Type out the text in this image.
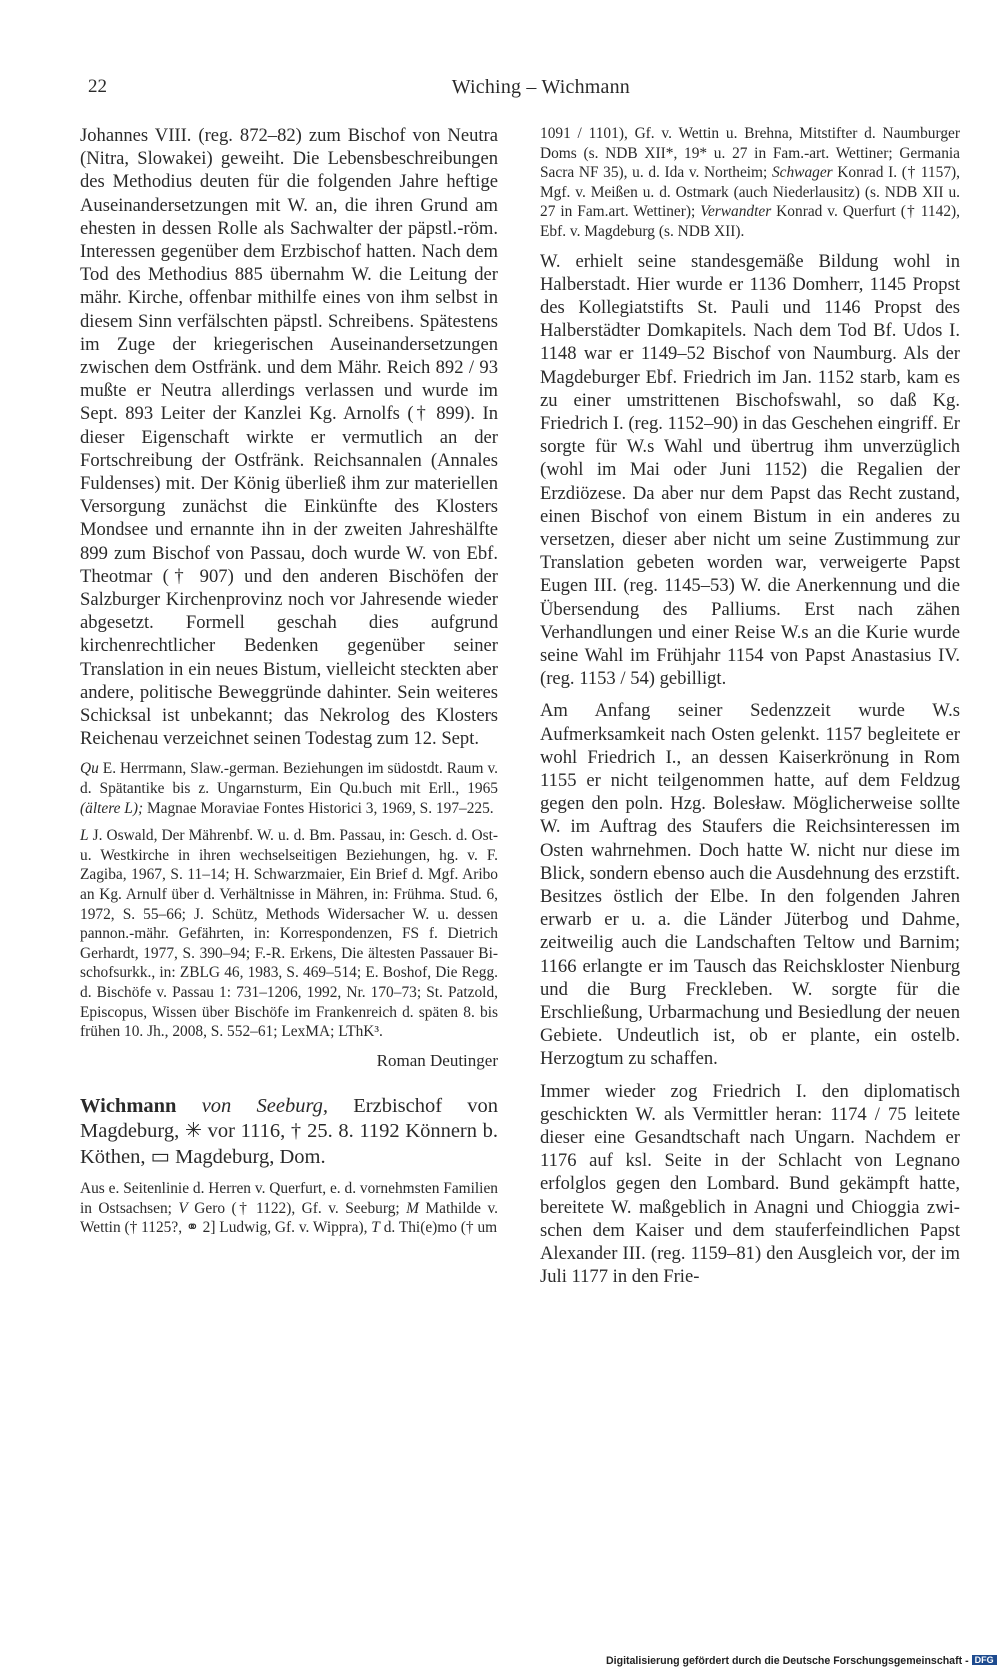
22	Wiching – Wichmann

Johannes VIII. (reg. 872–82) zum Bischof von Neutra (Nitra, Slowakei) geweiht. Die Lebensbeschreibungen des Methodius deuten für die folgenden Jahre heftige Auseinandersetzungen mit W. an, die ihren Grund am ehesten in dessen Rolle als Sachwalter der päpstl.-röm. Interessen gegenüber dem Erzbischof hatten. Nach dem Tod des Methodius 885 übernahm W. die Leitung der mähr. Kirche, offenbar mithilfe eines von ihm selbst in diesem Sinn verfälschten päpstl. Schreibens. Spätestens im Zuge der kriegerischen Auseinandersetzungen zwischen dem Ostfränk. und dem Mähr. Reich 892 / 93 mußte er Neutra allerdings verlassen und wurde im Sept. 893 Leiter der Kanzlei Kg. Arnolfs († 899). In dieser Eigenschaft wirkte er vermutlich an der Fortschreibung der Ostfränk. Reichsannalen (Annales Fuldenses) mit. Der König überließ ihm zur materiellen Versorgung zunächst die Einkünfte des Klosters Mondsee und ernannte ihn in der zweiten Jahreshälfte 899 zum Bischof von Passau, doch wurde W. von Ebf. Theotmar († 907) und den anderen Bischöfen der Salzburger Kirchenprovinz noch vor Jahresende wieder abgesetzt. Formell geschah dies aufgrund kirchenrechtlicher Bedenken gegenüber seiner Translation in ein neues Bistum, vielleicht steckten aber andere, politische Beweggründe dahinter. Sein weiteres Schicksal ist unbekannt; das Nekrolog des Klosters Reichenau verzeichnet seinen Todestag zum 12. Sept.

Qu E. Herrmann, Slaw.-german. Beziehungen im südostdt. Raum v. d. Spätantike bis z. Ungarnsturm, Ein Qu.buch mit Erll., 1965 (ältere L); Magnae Moraviae Fontes Historici 3, 1969, S. 197–225.

L J. Oswald, Der Mährenbf. W. u. d. Bm. Passau, in: Gesch. d. Ost- u. Westkirche in ihren wechselseitigen Beziehungen, hg. v. F. Zagiba, 1967, S. 11–14; H. Schwarzmaier, Ein Brief d. Mgf. Aribo an Kg. Arnulf über d. Verhältnisse in Mähren, in: Frühma. Stud. 6, 1972, S. 55–66; J. Schütz, Methods Widersacher W. u. dessen pannon.-mähr. Gefährten, in: Korrespondenzen, FS f. Dietrich Gerhardt, 1977, S. 390–94; F.-R. Erkens, Die ältesten Passauer Bischofsurkk., in: ZBLG 46, 1983, S. 469–514; E. Boshof, Die Regg. d. Bischöfe v. Passau 1: 731–1206, 1992, Nr. 170–73; St. Patzold, Episcopus, Wissen über Bischöfe im Frankenreich d. späten 8. bis frühen 10. Jh., 2008, S. 552–61; LexMA; LThK³.

Roman Deutinger

Wichmann von Seeburg, Erzbischof von Magdeburg, ✳ vor 1116, † 25. 8. 1192 Könnern b. Köthen, ▭ Magdeburg, Dom.

Aus e. Seitenlinie d. Herren v. Querfurt, e. d. vornehmsten Familien in Ostsachsen; V Gero († 1122), Gf. v. Seeburg; M Mathilde v. Wettin († 1125?, ⚭ 2] Ludwig, Gf. v. Wippra), T d. Thi(e)mo († um

1091 / 1101), Gf. v. Wettin u. Brehna, Mitstifter d. Naumburger Doms (s. NDB XII*, 19* u. 27 in Fam.-art. Wettiner; Germania Sacra NF 35), u. d. Ida v. Northeim; Schwager Konrad I. († 1157), Mgf. v. Meißen u. d. Ostmark (auch Niederlausitz) (s. NDB XII u. 27 in Fam.art. Wettiner); Verwandter Konrad v. Querfurt († 1142), Ebf. v. Magdeburg (s. NDB XII).

W. erhielt seine standesgemäße Bildung wohl in Halberstadt. Hier wurde er 1136 Domherr, 1145 Propst des Kollegiatstifts St. Pauli und 1146 Propst des Halberstädter Domkapitels. Nach dem Tod Bf. Udos I. 1148 war er 1149–52 Bischof von Naumburg. Als der Magdeburger Ebf. Friedrich im Jan. 1152 starb, kam es zu einer umstrittenen Bischofswahl, so daß Kg. Friedrich I. (reg. 1152–90) in das Geschehen eingriff. Er sorgte für W.s Wahl und übertrug ihm unverzüglich (wohl im Mai oder Juni 1152) die Regalien der Erzdiözese. Da aber nur dem Papst das Recht zustand, einen Bischof von einem Bistum in ein anderes zu versetzen, dieser aber nicht um seine Zustimmung zur Translation gebeten worden war, verweigerte Papst Eugen III. (reg. 1145–53) W. die Anerkennung und die Übersendung des Palliums. Erst nach zähen Verhandlungen und einer Reise W.s an die Kurie wurde seine Wahl im Frühjahr 1154 von Papst Anastasius IV. (reg. 1153 / 54) gebilligt.

Am Anfang seiner Sedenzzeit wurde W.s Aufmerksamkeit nach Osten gelenkt. 1157 begleitete er wohl Friedrich I., an dessen Kaiserkrönung in Rom 1155 er nicht teilgenommen hatte, auf dem Feldzug gegen den poln. Hzg. Bolesław. Möglicherweise sollte W. im Auftrag des Staufers die Reichsinteressen im Osten wahrnehmen. Doch hatte W. nicht nur diese im Blick, sondern ebenso auch die Ausdehnung des erzstift. Besitzes östlich der Elbe. In den folgenden Jahren erwarb er u. a. die Länder Jüterbog und Dahme, zeitweilig auch die Landschaften Teltow und Barnim; 1166 erlangte er im Tausch das Reichskloster Nienburg und die Burg Freckleben. W. sorgte für die Erschließung, Urbarmachung und Besiedlung der neuen Gebiete. Undeutlich ist, ob er plante, ein ostelb. Herzogtum zu schaffen.

Immer wieder zog Friedrich I. den diplomatisch geschickten W. als Vermittler heran: 1174 / 75 leitete dieser eine Gesandtschaft nach Ungarn. Nachdem er 1176 auf ksl. Seite in der Schlacht von Legnano erfolglos gegen den Lombard. Bund gekämpft hatte, bereitete W. maßgeblich in Anagni und Chioggia zwischen dem Kaiser und dem stauferfeindlichen Papst Alexander III. (reg. 1159–81) den Ausgleich vor, der im Juli 1177 in den Frie-

Digitalisierung gefördert durch die Deutsche Forschungsgemeinschaft - DFG
